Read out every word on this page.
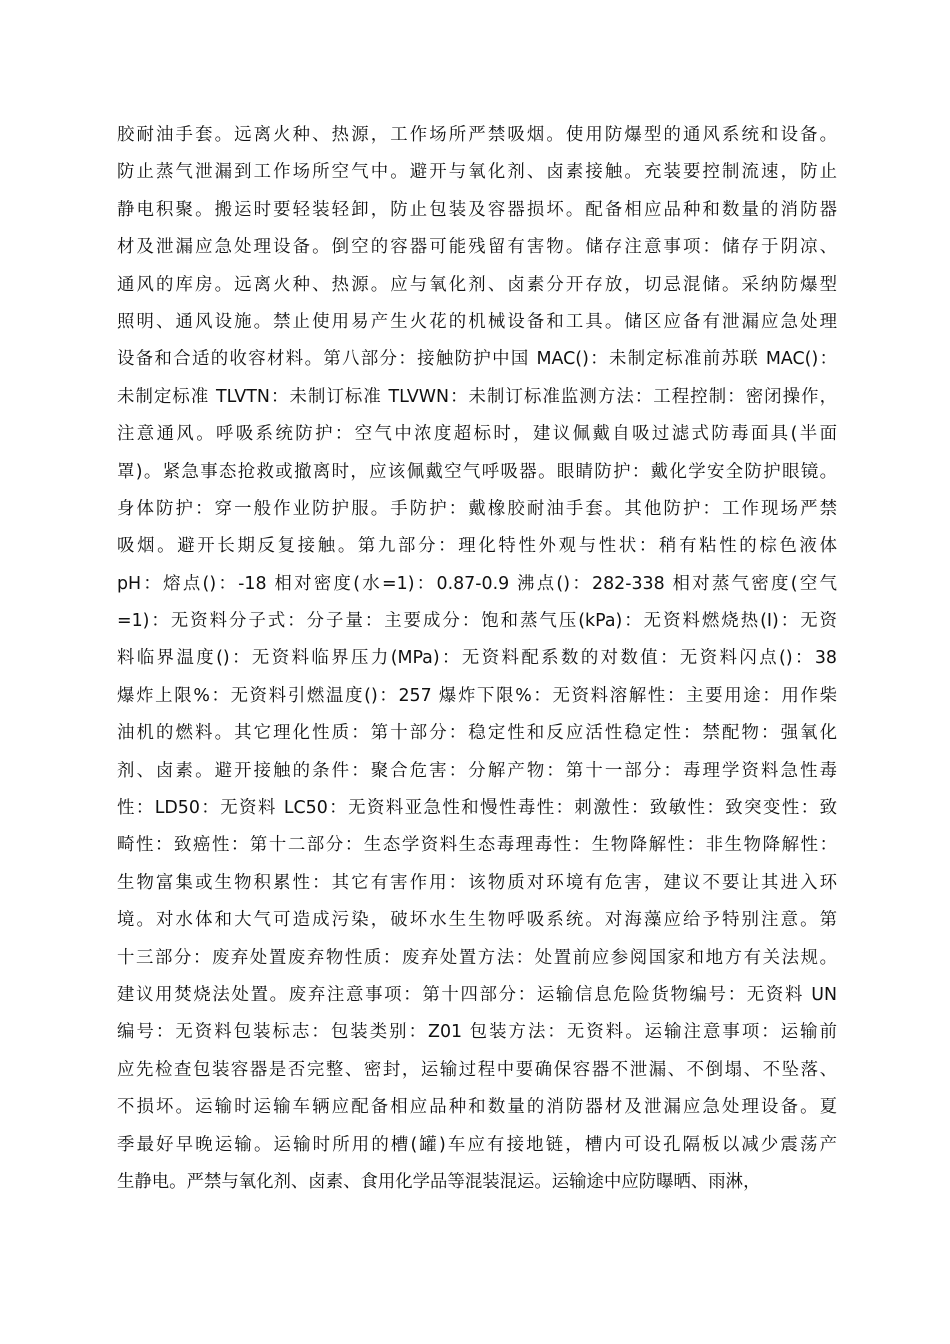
胶耐油手套。远离火种、热源，工作场所严禁吸烟。使用防爆型的通风系统和设备。
防止蒸气泄漏到工作场所空气中。避开与氧化剂、卤素接触。充装要控制流速，防止
静电积聚。搬运时要轻装轻卸，防止包装及容器损坏。配备相应品种和数量的消防器
材及泄漏应急处理设备。倒空的容器可能残留有害物。储存注意事项：储存于阴凉、
通风的库房。远离火种、热源。应与氧化剂、卤素分开存放，切忌混储。采纳防爆型
照明、通风设施。禁止使用易产生火花的机械设备和工具。储区应备有泄漏应急处理
设备和合适的收容材料。第八部分：接触防护中国 MAC()：未制定标准前苏联 MAC()：
未制定标准 TLVTN：未制订标准 TLVWN：未制订标准监测方法：工程控制：密闭操作，
注意通风。呼吸系统防护：空气中浓度超标时，建议佩戴自吸过滤式防毒面具(半面
罩)。紧急事态抢救或撤离时，应该佩戴空气呼吸器。眼睛防护：戴化学安全防护眼镜。
身体防护：穿一般作业防护服。手防护：戴橡胶耐油手套。其他防护：工作现场严禁
吸烟。避开长期反复接触。第九部分：理化特性外观与性状：稍有粘性的棕色液体
pH：熔点()：-18 相对密度(水=1)：0.87-0.9 沸点()：282-338 相对蒸气密度(空气
=1)：无资料分子式：分子量：主要成分：饱和蒸气压(kPa)：无资料燃烧热(I)：无资
料临界温度()：无资料临界压力(MPa)：无资料配系数的对数值：无资料闪点()：38
爆炸上限%：无资料引燃温度()：257 爆炸下限%：无资料溶解性：主要用途：用作柴
油机的燃料。其它理化性质：第十部分：稳定性和反应活性稳定性：禁配物：强氧化
剂、卤素。避开接触的条件：聚合危害：分解产物：第十一部分：毒理学资料急性毒
性：LD50：无资料 LC50：无资料亚急性和慢性毒性：刺激性：致敏性：致突变性：致
畸性：致癌性：第十二部分：生态学资料生态毒理毒性：生物降解性：非生物降解性：
生物富集或生物积累性：其它有害作用：该物质对环境有危害，建议不要让其进入环
境。对水体和大气可造成污染，破坏水生生物呼吸系统。对海藻应给予特别注意。第
十三部分：废弃处置废弃物性质：废弃处置方法：处置前应参阅国家和地方有关法规。
建议用焚烧法处置。废弃注意事项：第十四部分：运输信息危险货物编号：无资料 UN
编号：无资料包装标志：包装类别：Z01 包装方法：无资料。运输注意事项：运输前
应先检查包装容器是否完整、密封，运输过程中要确保容器不泄漏、不倒塌、不坠落、
不损坏。运输时运输车辆应配备相应品种和数量的消防器材及泄漏应急处理设备。夏
季最好早晚运输。运输时所用的槽(罐)车应有接地链，槽内可设孔隔板以减少震荡产
生静电。严禁与氧化剂、卤素、食用化学品等混装混运。运输途中应防曝晒、雨淋，
